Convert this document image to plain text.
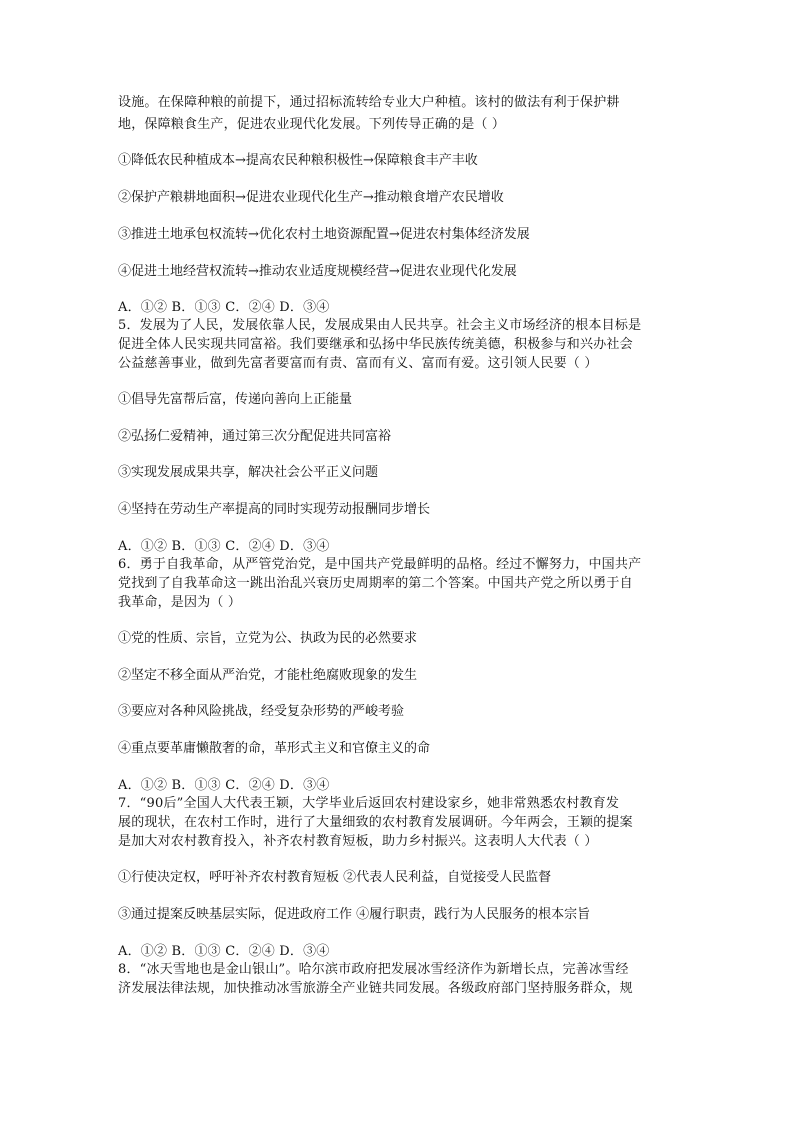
设施。在保障种粮的前提下，通过招标流转给专业大户种植。该村的做法有利于保护耕
地，保障粮食生产，促进农业现代化发展。下列传导正确的是（ ）
①降低农民种植成本→提高农民种粮积极性→保障粮食丰产丰收
②保护产粮耕地面积→促进农业现代化生产→推动粮食增产农民增收
③推进土地承包权流转→优化农村土地资源配置→促进农村集体经济发展
④促进土地经营权流转→推动农业适度规模经营→促进农业现代化发展
A．①② B．①③ C．②④ D．③④
5．发展为了人民，发展依靠人民，发展成果由人民共享。社会主义市场经济的根本目标是
促进全体人民实现共同富裕。我们要继承和弘扬中华民族传统美德，积极参与和兴办社会
公益慈善事业，做到先富者要富而有责、富而有义、富而有爱。这引领人民要（ ）
①倡导先富帮后富，传递向善向上正能量
②弘扬仁爱精神，通过第三次分配促进共同富裕
③实现发展成果共享，解决社会公平正义问题
④坚持在劳动生产率提高的同时实现劳动报酬同步增长
A．①② B．①③ C．②④ D．③④
6．勇于自我革命，从严管党治党，是中国共产党最鲜明的品格。经过不懈努力，中国共产
党找到了自我革命这一跳出治乱兴衰历史周期率的第二个答案。中国共产党之所以勇于自
我革命，是因为（ ）
①党的性质、宗旨，立党为公、执政为民的必然要求
②坚定不移全面从严治党，才能杜绝腐败现象的发生
③要应对各种风险挑战，经受复杂形势的严峻考验
④重点要革庸懒散奢的命，革形式主义和官僚主义的命
A．①② B．①③ C．②④ D．③④
7．“90后”全国人大代表王颖，大学毕业后返回农村建设家乡，她非常熟悉农村教育发
展的现状，在农村工作时，进行了大量细致的农村教育发展调研。今年两会，王颖的提案
是加大对农村教育投入，补齐农村教育短板，助力乡村振兴。这表明人大代表（ ）
①行使决定权，呼吁补齐农村教育短板 ②代表人民利益，自觉接受人民监督
③通过提案反映基层实际，促进政府工作 ④履行职责，践行为人民服务的根本宗旨
A．①② B．①③ C．②④ D．③④
8．“冰天雪地也是金山银山”。哈尔滨市政府把发展冰雪经济作为新增长点，完善冰雪经
济发展法律法规，加快推动冰雪旅游全产业链共同发展。各级政府部门坚持服务群众，规
